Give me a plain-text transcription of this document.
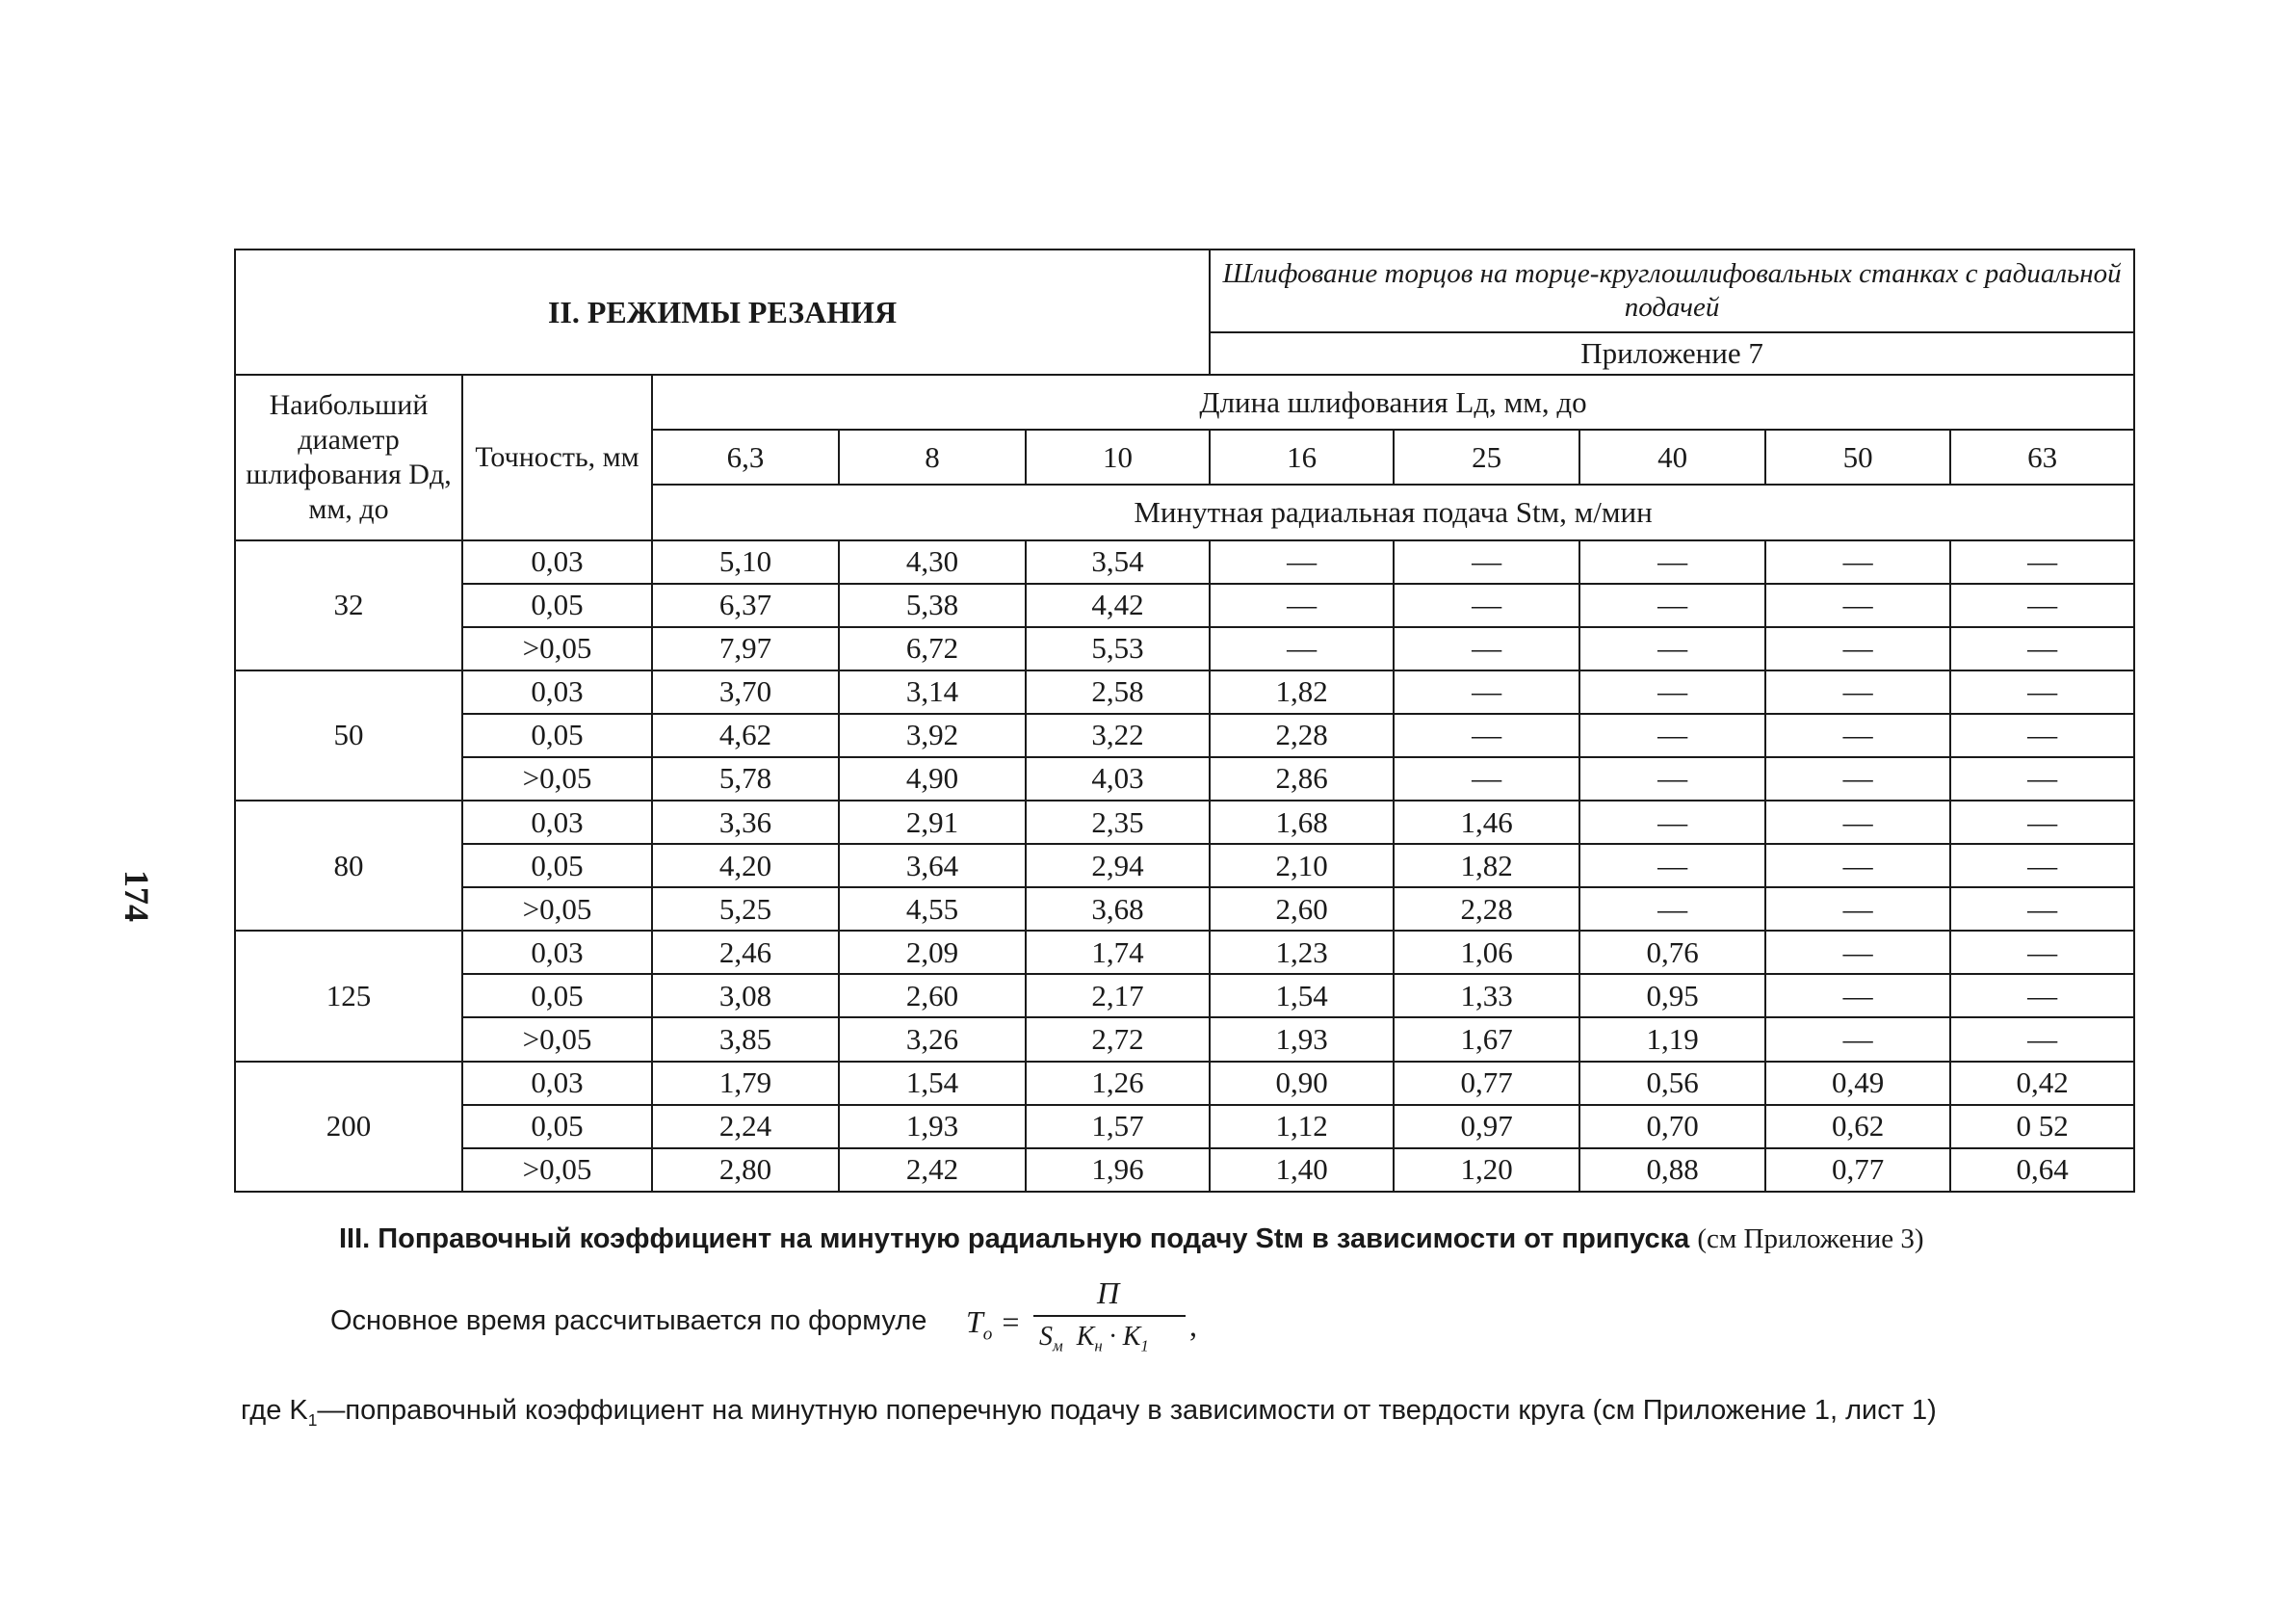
174
II. РЕЖИМЫ РЕЗАНИЯ					Шлифование торцов на торце-круглошлифовальных станках с радиальной подачей				
					Приложение 7				
Наибольший диаметр шлифования Dд, мм, до	Точность, мм	Длина шлифования Lд, мм, до							
		6,3	8	10	16	25	40	50	63
		Минутная радиальная подача Stм, м/мин							
32	0,03	5,10	4,30	3,54	—	—	—	—	—
	0,05	6,37	5,38	4,42	—	—	—	—	—
	>0,05	7,97	6,72	5,53	—	—	—	—	—
50	0,03	3,70	3,14	2,58	1,82	—	—	—	—
	0,05	4,62	3,92	3,22	2,28	—	—	—	—
	>0,05	5,78	4,90	4,03	2,86	—	—	—	—
80	0,03	3,36	2,91	2,35	1,68	1,46	—	—	—
	0,05	4,20	3,64	2,94	2,10	1,82	—	—	—
	>0,05	5,25	4,55	3,68	2,60	2,28	—	—	—
125	0,03	2,46	2,09	1,74	1,23	1,06	0,76	—	—
	0,05	3,08	2,60	2,17	1,54	1,33	0,95	—	—
	>0,05	3,85	3,26	2,72	1,93	1,67	1,19	—	—
200	0,03	1,79	1,54	1,26	0,90	0,77	0,56	0,49	0,42
	0,05	2,24	1,93	1,57	1,12	0,97	0,70	0,62	0 52
	>0,05	2,80	2,42	1,96	1,40	1,20	0,88	0,77	0,64
III. Поправочный коэффициент на минутную радиальную подачу Stм в зависимости от припуска (см Приложение 3)
Основное время рассчитывается по формуле $T_o$ =
П
$S_м$ $K_н \cdot K_1$
,
где $K_1—поправочный$ коэффициент на минутную поперечную подачу в зависимости от твердости круга (см Приложение 1, лист 1)
